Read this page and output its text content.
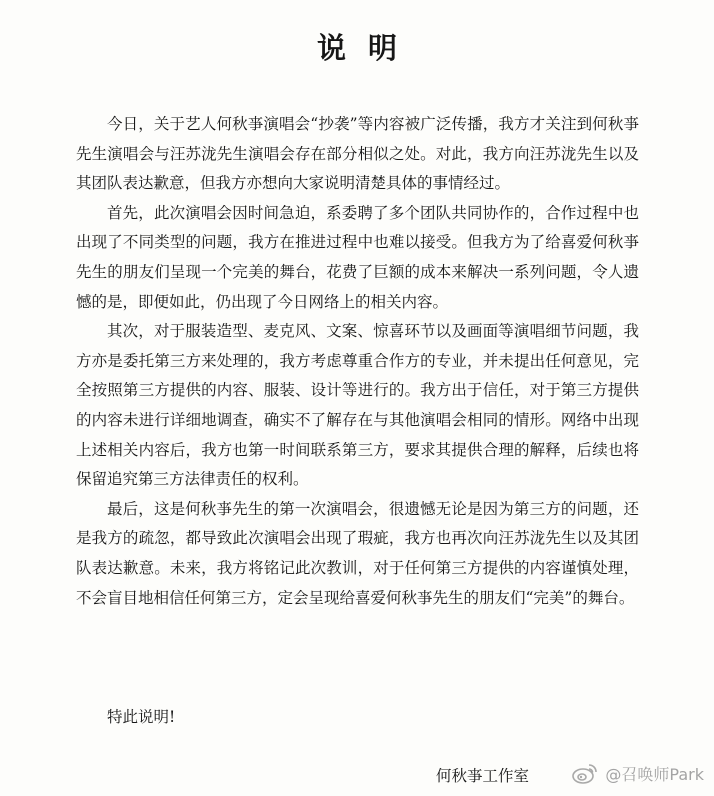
说明

今日，关于艺人何秋亊演唱会“抄袭”等内容被广泛传播，我方才关注到何秋亊先生演唱会与汪苏泷先生演唱会存在部分相似之处。对此，我方向汪苏泷先生以及其团队表达歉意，但我方亦想向大家说明清楚具体的事情经过。

首先，此次演唱会因时间急迫，系委聘了多个团队共同协作的，合作过程中也出现了不同类型的问题，我方在推进过程中也难以接受。但我方为了给喜爱何秋亊先生的朋友们呈现一个完美的舞台，花费了巨额的成本来解决一系列问题，令人遗憾的是，即便如此，仍出现了今日网络上的相关内容。

其次，对于服装造型、麦克风、文案、惊喜环节以及画面等演唱细节问题，我方亦是委托第三方来处理的，我方考虑尊重合作方的专业，并未提出任何意见，完全按照第三方提供的内容、服装、设计等进行的。我方出于信任，对于第三方提供的内容未进行详细地调查，确实不了解存在与其他演唱会相同的情形。网络中出现上述相关内容后，我方也第一时间联系第三方，要求其提供合理的解释，后续也将保留追究第三方法律责任的权利。

最后，这是何秋亊先生的第一次演唱会，很遗憾无论是因为第三方的问题，还是我方的疏忽，都导致此次演唱会出现了瑕疵，我方也再次向汪苏泷先生以及其团队表达歉意。未来，我方将铭记此次教训，对于任何第三方提供的内容谨慎处理，不会盲目地相信任何第三方，定会呈现给喜爱何秋亊先生的朋友们“完美”的舞台。

特此说明!
何秋亊工作室	@召唤师Park
